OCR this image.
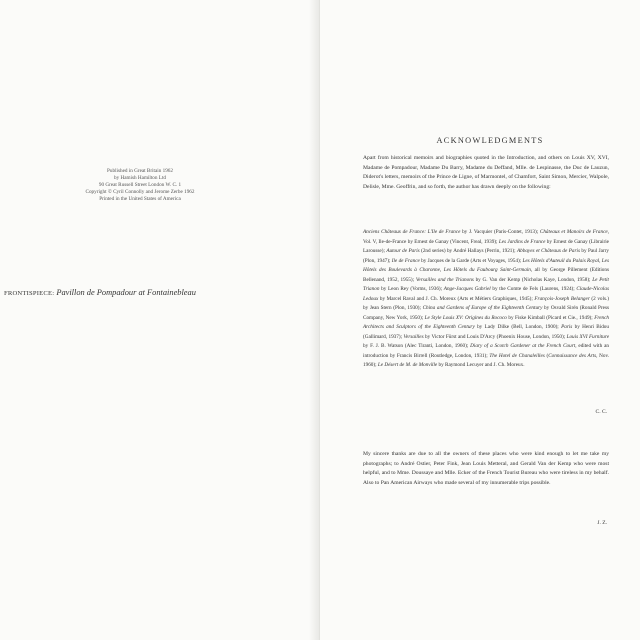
Published in Great Britain 1962
by Hamish Hamilton Ltd
90 Great Russell Street London W. C. 1
Copyright © Cyril Connolly and Jerome Zerbe 1962
Printed in the United States of America
FRONTISPIECE: Pavillon de Pompadour at Fontainebleau
ACKNOWLEDGMENTS
Apart from historical memoirs and biographies quoted in the Introduction, and others on Louis XV, XVI, Madame de Pompadour, Madame Du Barry, Madame du Deffand, Mlle. de Lespinasse, the Duc de Lauzun, Diderot's letters, memoirs of the Prince de Ligne, of Marmontel, of Chamfort, Saint Simon, Mercier, Walpole, Delisle, Mme. Geoffrin, and so forth, the author has drawn deeply on the following:
Anciens Châteaux de France: L'Ile de France by J. Vacquier (Paris-Contet, 1913); Châteaux et Manoirs de France, Vol. V, Ile-de-France by Ernest de Ganay (Vincent, Freal, 1939); Les Jardins de France by Ernest de Ganay (Librairie Larousse); Autour de Paris (2nd series) by André Hallays (Perrin, 1921); Abbayes et Châteaux de Paris by Paul Jarry (Plon, 1947); Ile de France by Jacques de la Garde (Arts et Voyages, 1954); Les Hôtels d'Auteuil du Palais Royal, Les Hôtels des Boulevards à Charonne, Les Hôtels du Faubourg Saint-Germain, all by George Pillement (Editions Bellenand, 1952, 1955); Versailles and the Trianons by G. Van der Kemp (Nicholas Kaye, London, 1958); Le Petit Trianon by Leon Rey (Vorms, 1936); Ange-Jacques Gabriel by the Comte de Fels (Laurens, 1924); Claude-Nicolas Ledoux by Marcel Raval and J. Ch. Moreux (Arts et Métiers Graphiques, 1945); François-Joseph Belanger (2 vols.) by Jean Stern (Plon, 1930); China and Gardens of Europe of the Eighteenth Century by Osvald Sirén (Ronald Press Company, New York, 1950); Le Style Louis XV: Origines du Rococo by Fiske Kimball (Picard et Cie., 1949); French Architects and Sculptors of the Eighteenth Century by Lady Dilke (Bell, London, 1900); Paris by Henri Bidou (Gallimard, 1937); Versailles by Victor Fürst and Louis D'Arcy (Phoenix House, London, 1950); Louis XVI Furniture by F. J. B. Watson (Alec Tiranti, London, 1960); Diary of a Scotch Gardener at the French Court, edited with an introduction by Francis Birrell (Routledge, London, 1931); The Hotel de Chanaleilles (Connaissance des Arts, Nov. 1960); Le Désert de M. de Monville by Raymond Lecuyer and J. Ch. Moreux.
C. C.
My sincere thanks are due to all the owners of these places who were kind enough to let me take my photographs; to André Ostier, Peter Fink, Jean Louis Metteral, and Gerald Van der Kemp who were most helpful, and to Mme. Doussaye and Mlle. Ecker of the French Tourist Bureau who were tireless in my behalf. Also to Pan American Airways who made several of my innumerable trips possible.
J. Z.
